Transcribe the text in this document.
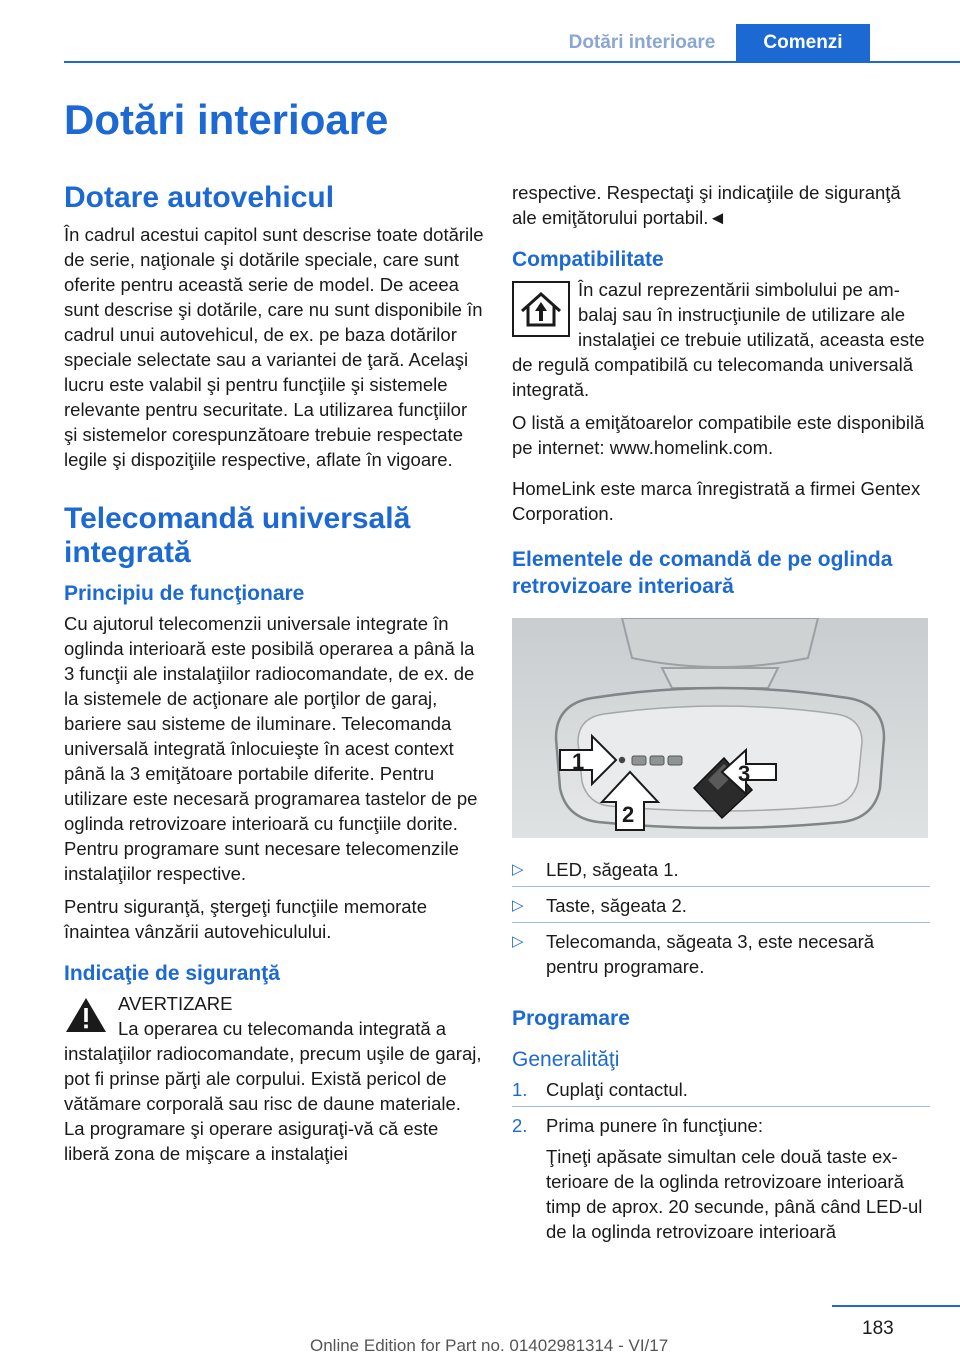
Dotări interioare	Comenzi
Dotări interioare
Dotare autovehicul

În cadrul acestui capitol sunt descrise toate dotările de serie, naţionale şi dotările speciale, care sunt oferite pentru această serie de model. De aceea sunt descrise şi dotările, care nu sunt disponibile în cadrul unui autovehicul, de ex. pe baza dotărilor speciale selectate sau a variantei de ţară. Acelaşi lucru este valabil şi pentru funcţiile şi sistemele relevante pentru securitate. La utilizarea funcţiilor şi sistemelor corespunzătoare trebuie respectate legile şi dispoziţiile respective, aflate în vigoare.

Telecomandă universală integrată
Principiu de funcţionare

Cu ajutorul telecomenzii universale integrate în oglinda interioară este posibilă operarea a până la 3 funcţii ale instalaţiilor radiocomandate, de ex. de la sistemele de acţionare ale porţilor de garaj, bariere sau sisteme de iluminare. Telecomanda universală integrată înlocuieşte în acest context până la 3 emiţătoare portabile diferite. Pentru utilizare este necesară programarea tastelor de pe oglinda retrovizoare interioară cu funcţiile dorite. Pentru programare sunt necesare telecomenzile instalaţiilor respective.

Pentru siguranţă, ştergeţi funcţiile memorate înaintea vânzării autovehiculului.

Indicaţie de siguranţă

AVERTIZARE

La operarea cu telecomanda integrată a instalaţiilor radiocomandate, precum uşile de garaj, pot fi prinse părţi ale corpului. Există pericol de vătămare corporală sau risc de daune materiale. La programare şi operare asiguraţi-vă că este liberă zona de mişcare a instalaţiei

respective. Respectaţi şi indicaţiile de siguranţă ale emiţătorului portabil.◄

Compatibilitate

În cazul reprezentării simbolului pe ambalaj sau în instrucţiunile de utilizare ale instalaţiei ce trebuie utilizată, aceasta este de regulă compatibilă cu telecomanda universală integrată.

O listă a emiţătoarelor compatibile este disponibilă pe internet: www.homelink.com.

HomeLink este marca înregistrată a firmei Gentex Corporation.

Elementele de comandă de pe oglinda retrovizoare interioară
1
2
3
▷ LED, săgeata 1.
▷ Taste, săgeata 2.
▷ Telecomanda, săgeata 3, este necesară pentru programare.
Programare
Generalităţi
1. Cuplaţi contactul.
2. Prima punere în funcţiune:
Ţineţi apăsate simultan cele două taste exterioare de la oglinda retrovizoare interioară timp de aprox. 20 secunde, până când LED-ul de la oglinda retrovizoare interioară
183
Online Edition for Part no. 01402981314 - VI/17
